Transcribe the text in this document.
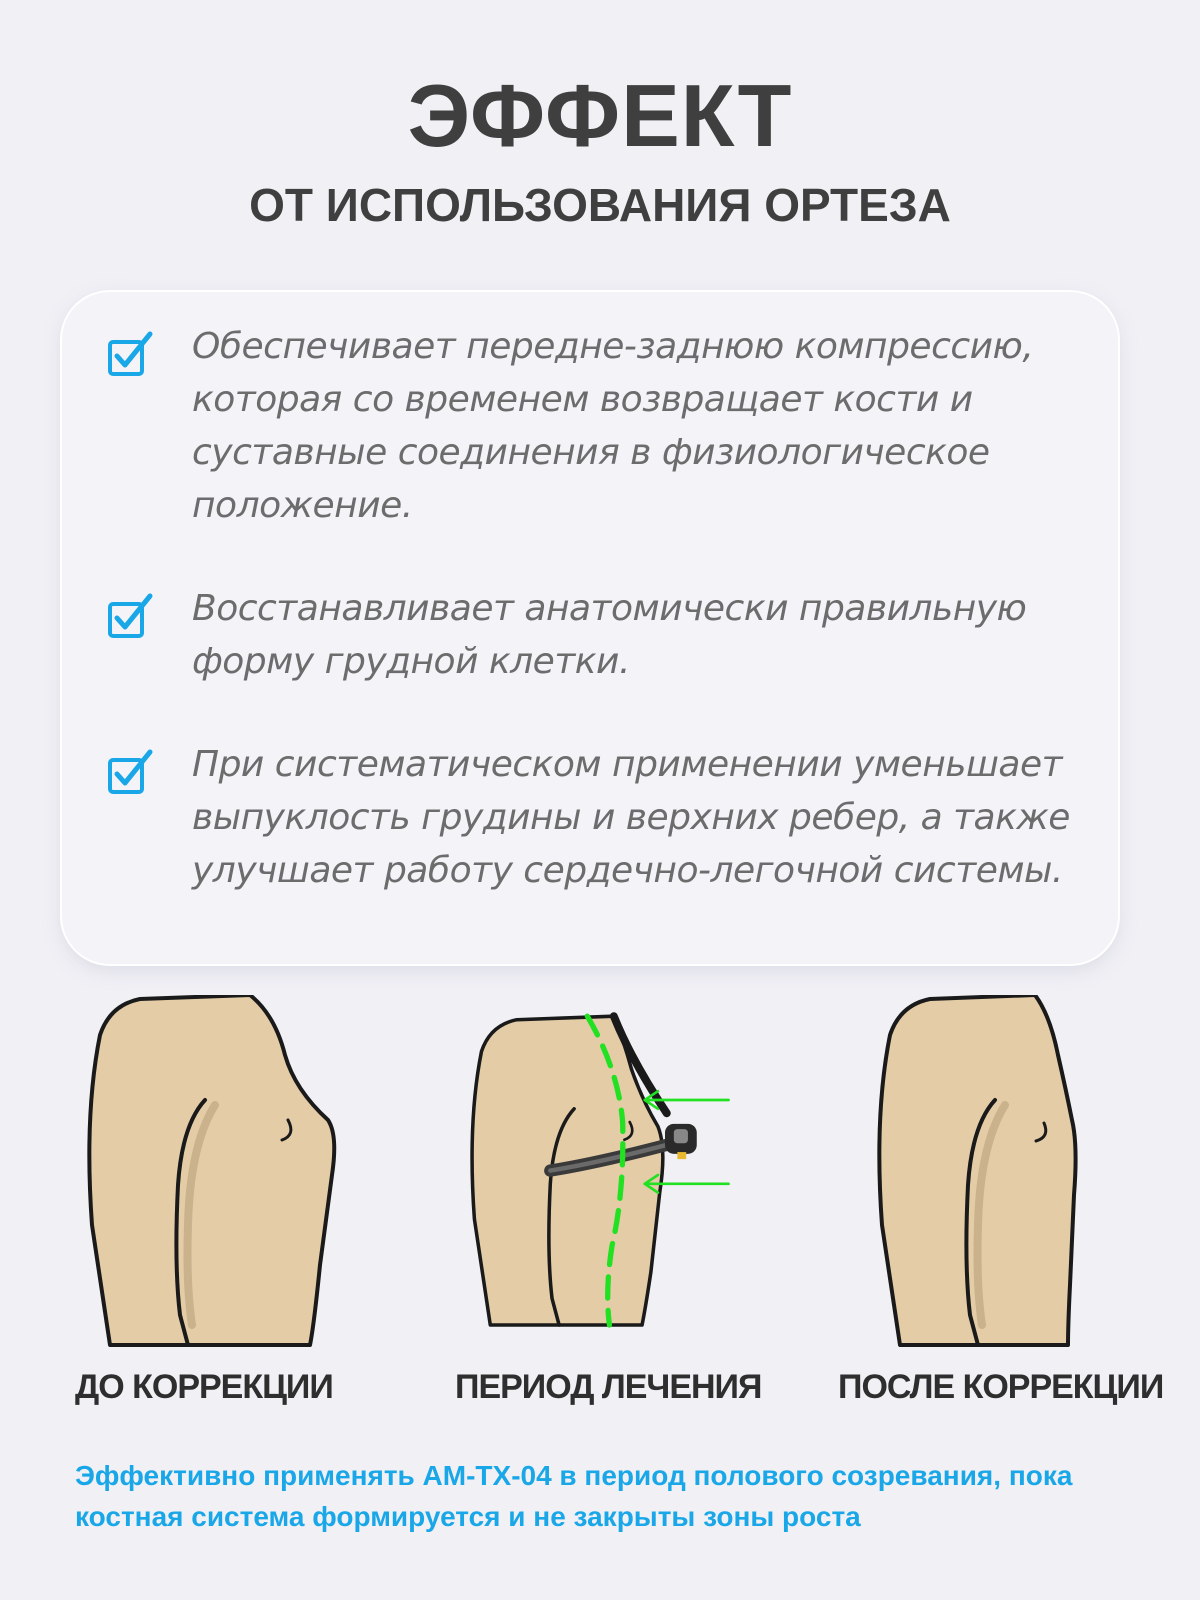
ЭФФЕКТ
ОТ ИСПОЛЬЗОВАНИЯ ОРТЕЗА
Обеспечивает передне-заднюю компрессию, которая со временем возвращает кости и суставные соединения в физиологическое положение.
Восстанавливает анатомически правильную форму грудной клетки.
При систематическом применении уменьшает выпуклость грудины и верхних ребер, а также улучшает работу сердечно-легочной системы.
ДО КОРРЕКЦИИ	ПЕРИОД ЛЕЧЕНИЯ ПОСЛЕ КОРРЕКЦИИ
Эффективно применять AM-TX-04 в период полового созревания, пока костная система формируется и не закрыты зоны роста
